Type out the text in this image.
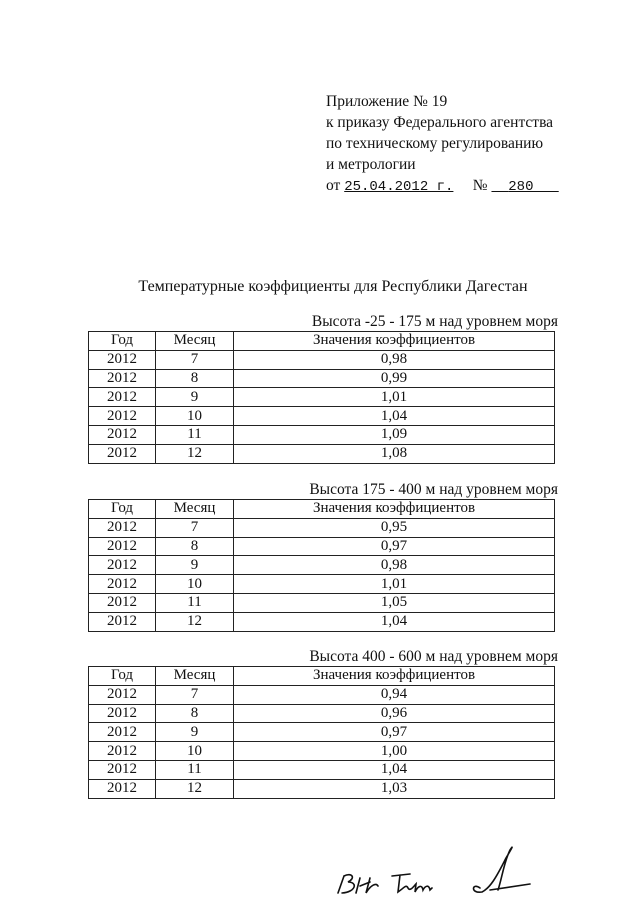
Приложение № 19
к приказу Федерального агентства
по техническому регулированию
и метрологии
от 25.04.2012 г. № 280
Температурные коэффициенты для Республики Дагестан
Высота -25 - 175 м над уровнем моря
Год	Месяц	Значения коэффициентов
2012	7	0,98
2012	8	0,99
2012	9	1,01
2012	10	1,04
2012	11	1,09
2012	12	1,08
Высота 175 - 400 м над уровнем моря
Год	Месяц	Значения коэффициентов
2012	7	0,95
2012	8	0,97
2012	9	0,98
2012	10	1,01
2012	11	1,05
2012	12	1,04
Высота 400 - 600 м над уровнем моря
Год	Месяц	Значения коэффициентов
2012	7	0,94
2012	8	0,96
2012	9	0,97
2012	10	1,00
2012	11	1,04
2012	12	1,03
